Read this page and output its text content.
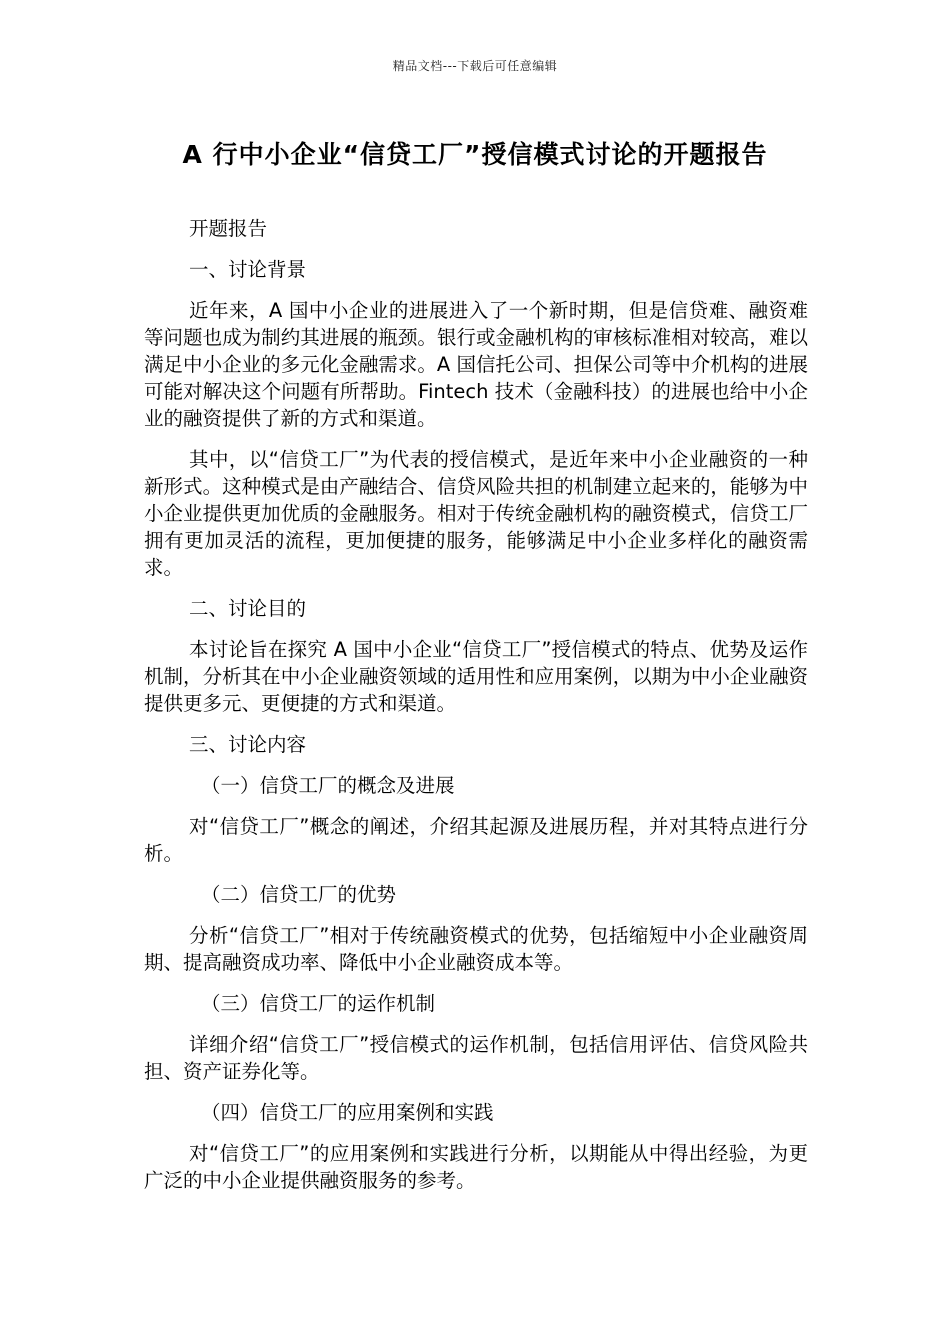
精品文档---下载后可任意编辑
A 行中小企业“信贷工厂”授信模式讨论的开题报告

开题报告

一、讨论背景

近年来，A 国中小企业的进展进入了一个新时期，但是信贷难、融资难等问题也成为制约其进展的瓶颈。银行或金融机构的审核标准相对较高，难以满足中小企业的多元化金融需求。A 国信托公司、担保公司等中介机构的进展可能对解决这个问题有所帮助。Fintech 技术（金融科技）的进展也给中小企业的融资提供了新的方式和渠道。

其中，以“信贷工厂”为代表的授信模式，是近年来中小企业融资的一种新形式。这种模式是由产融结合、信贷风险共担的机制建立起来的，能够为中小企业提供更加优质的金融服务。相对于传统金融机构的融资模式，信贷工厂拥有更加灵活的流程，更加便捷的服务，能够满足中小企业多样化的融资需求。

二、讨论目的

本讨论旨在探究 A 国中小企业“信贷工厂”授信模式的特点、优势及运作机制，分析其在中小企业融资领域的适用性和应用案例，以期为中小企业融资提供更多元、更便捷的方式和渠道。

三、讨论内容

（一）信贷工厂的概念及进展

对“信贷工厂”概念的阐述，介绍其起源及进展历程，并对其特点进行分析。

（二）信贷工厂的优势

分析“信贷工厂”相对于传统融资模式的优势，包括缩短中小企业融资周期、提高融资成功率、降低中小企业融资成本等。

（三）信贷工厂的运作机制

详细介绍“信贷工厂”授信模式的运作机制，包括信用评估、信贷风险共担、资产证券化等。

（四）信贷工厂的应用案例和实践

对“信贷工厂”的应用案例和实践进行分析，以期能从中得出经验，为更广泛的中小企业提供融资服务的参考。
